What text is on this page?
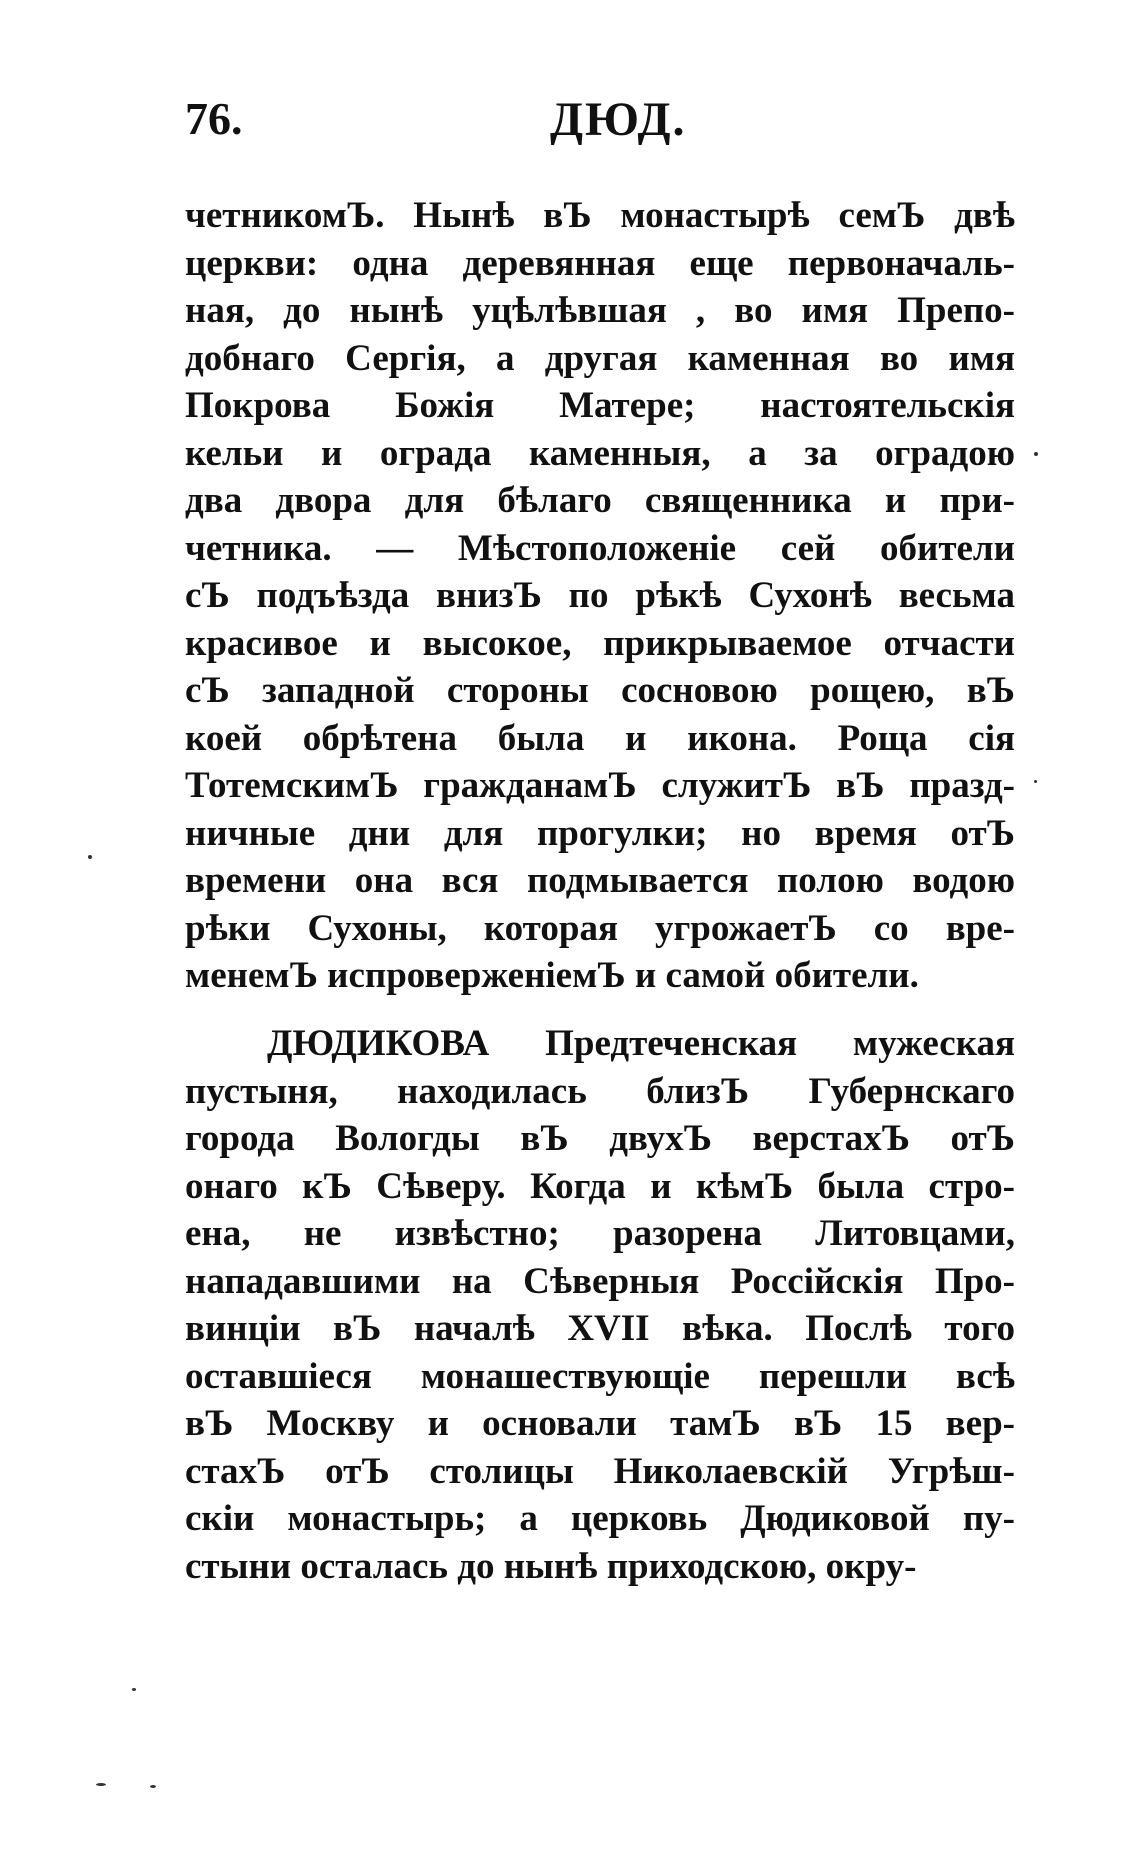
76.	ДЮД.
четникомЪ. Нынѣ вЪ монастырѣ семЪ двѣ
церкви: одна деревянная еще первоначаль-
ная, до нынѣ уцѣлѣвшая , во имя Препо-
добнаго Сергія, а другая каменная во имя
Покрова Божія Матере; настоятельскія
кельи и ограда каменныя, а за оградою
два двора для бѣлаго священника и при-
четника. — Мѣстоположеніе сей обители
сЪ подъѣзда внизЪ по рѣкѣ Сухонѣ весьма
красивое и высокое, прикрываемое отчасти
сЪ западной стороны сосновою рощею, вЪ
коей обрѣтена была и икона. Роща сія
ТотемскимЪ гражданамЪ служитЪ вЪ празд-
ничные дни для прогулки; но время отЪ
времени она вся подмывается полою водою
рѣки Сухоны, которая угрожаетЪ со вре-
менемЪ испроверженіемЪ и самой обители.
ДЮДИКОВА Предтеченская мужеская
пустыня, находилась близЪ Губернскаго
города Вологды вЪ двухЪ верстахЪ отЪ
онаго кЪ Сѣверу. Когда и кѣмЪ была стро-
ена, не извѣстно; разорена Литовцами,
нападавшими на Сѣверныя Россійскія Про-
винціи вЪ началѣ XVII вѣка. Послѣ того
оставшіеся монашествующіе перешли всѣ
вЪ Москву и основали тамЪ вЪ 15 вер-
стахЪ отЪ столицы Николаевскій Угрѣш-
скіи монастырь; а церковь Дюдиковой пу-
стыни осталась до нынѣ приходскою, окру-
